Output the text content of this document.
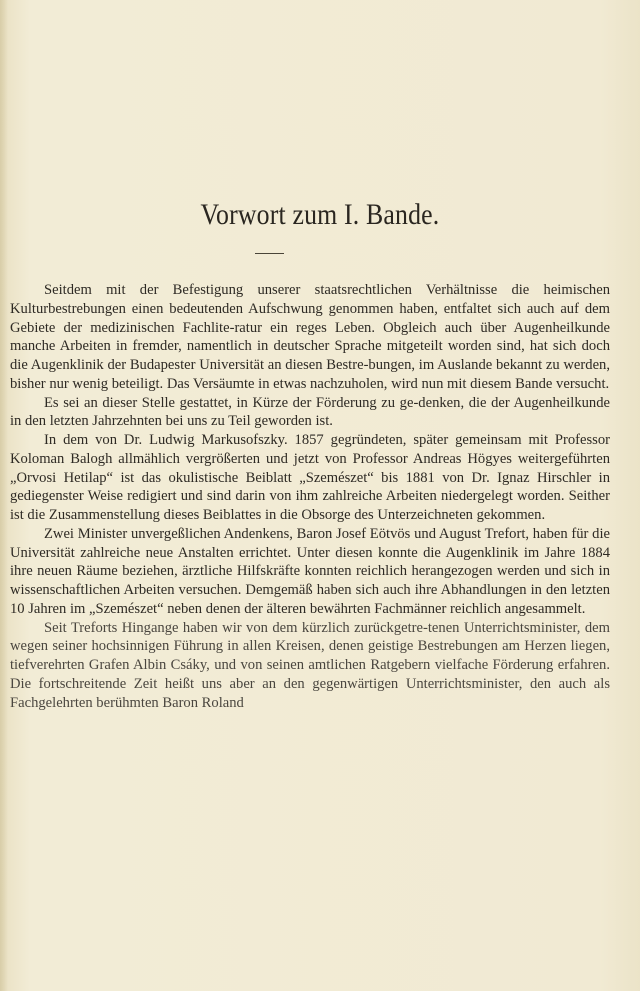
Vorwort zum I. Bande.

Seitdem mit der Befestigung unserer staatsrechtlichen Verhältnisse die heimischen Kulturbestrebungen einen bedeutenden Aufschwung genommen haben, entfaltet sich auch auf dem Gebiete der medizinischen Fachlite-ratur ein reges Leben. Obgleich auch über Augenheilkunde manche Arbeiten in fremder, namentlich in deutscher Sprache mitgeteilt worden sind, hat sich doch die Augenklinik der Budapester Universität an diesen Bestre-bungen, im Auslande bekannt zu werden, bisher nur wenig beteiligt. Das Versäumte in etwas nachzuholen, wird nun mit diesem Bande versucht.

Es sei an dieser Stelle gestattet, in Kürze der Förderung zu ge-denken, die der Augenheilkunde in den letzten Jahrzehnten bei uns zu Teil geworden ist.

In dem von Dr. Ludwig Markusofszky. 1857 gegründeten, später gemeinsam mit Professor Koloman Balogh allmählich vergrößerten und jetzt von Professor Andreas Högyes weitergeführten „Orvosi Hetilap“ ist das okulistische Beiblatt „Szemészet“ bis 1881 von Dr. Ignaz Hirschler in gediegenster Weise redigiert und sind darin von ihm zahlreiche Arbeiten niedergelegt worden. Seither ist die Zusammenstellung dieses Beiblattes in die Obsorge des Unterzeichneten gekommen.

Zwei Minister unvergeßlichen Andenkens, Baron Josef Eötvös und August Trefort, haben für die Universität zahlreiche neue Anstalten errichtet. Unter diesen konnte die Augenklinik im Jahre 1884 ihre neuen Räume beziehen, ärztliche Hilfskräfte konnten reichlich herangezogen werden und sich in wissenschaftlichen Arbeiten versuchen. Demgemäß haben sich auch ihre Abhandlungen in den letzten 10 Jahren im „Szemészet“ neben denen der älteren bewährten Fachmänner reichlich angesammelt.

Seit Treforts Hingange haben wir von dem kürzlich zurückgetre-tenen Unterrichtsminister, dem wegen seiner hochsinnigen Führung in allen Kreisen, denen geistige Bestrebungen am Herzen liegen, tiefverehrten Grafen Albin Csáky, und von seinen amtlichen Ratgebern vielfache Förderung erfahren. Die fortschreitende Zeit heißt uns aber an den gegenwärtigen Unterrichtsminister, den auch als Fachgelehrten berühmten Baron Roland
